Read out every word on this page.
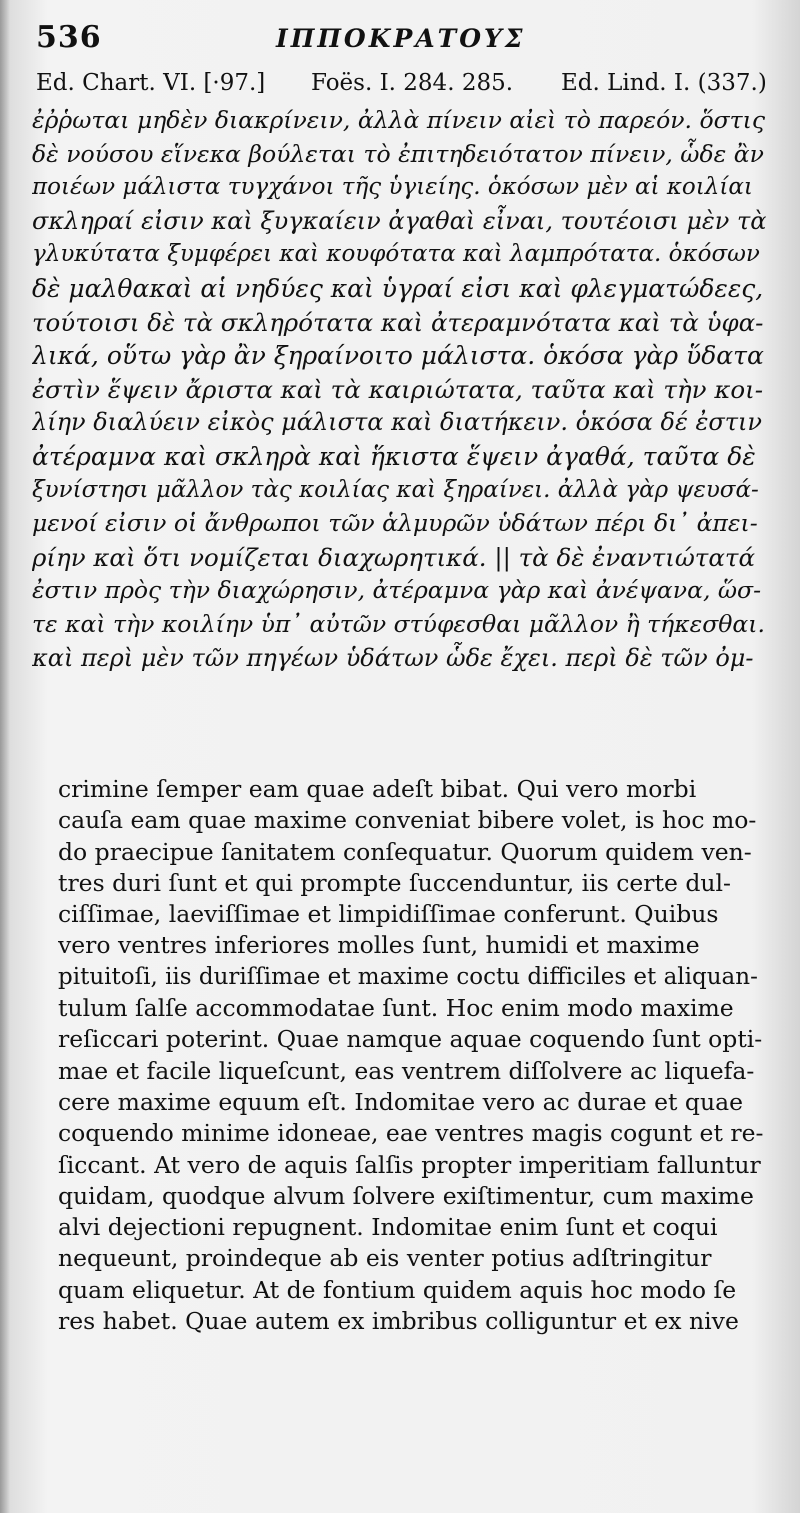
536	ΙΠΠΟΚΡΑΤΟΥΣ
Ed. Chart. VI. [·97.] Foës. I. 284. 285. Ed. Lind. I. (337.)
ἐῤῥωται μηδὲν διακρίνειν, ἀλλὰ πίνειν αἰεὶ τὸ παρεόν. ὅστις
δὲ νούσου εἵνεκα βούλεται τὸ ἐπιτηδειότατον πίνειν, ὧδε ἂν
ποιέων μάλιστα τυγχάνοι τῆς ὑγιείης. ὁκόσων μὲν αἱ κοιλίαι
σκληραί εἰσιν καὶ ξυγκαίειν ἀγαθαὶ εἶναι, τουτέοισι μὲν τὰ
γλυκύτατα ξυμφέρει καὶ κουφότατα καὶ λαμπρότατα. ὁκόσων
δὲ μαλθακαὶ αἱ νηδύες καὶ ὑγραί εἰσι καὶ φλεγματώδεες,
τούτοισι δὲ τὰ σκληρότατα καὶ ἀτεραμνότατα καὶ τὰ ὑφα-
λικά, οὕτω γὰρ ἂν ξηραίνοιτο μάλιστα. ὁκόσα γὰρ ὕδατα
ἐστὶν ἕψειν ἄριστα καὶ τὰ καιριώτατα, ταῦτα καὶ τὴν κοι-
λίην διαλύειν εἰκὸς μάλιστα καὶ διατήκειν. ὁκόσα δέ ἐστιν
ἀτέραμνα καὶ σκληρὰ καὶ ἥκιστα ἕψειν ἀγαθά, ταῦτα δὲ
ξυνίστησι μᾶλλον τὰς κοιλίας καὶ ξηραίνει. ἀλλὰ γὰρ ψευσά-
μενοί εἰσιν οἱ ἄνθρωποι τῶν ἁλμυρῶν ὑδάτων πέρι δι᾽ ἀπει-
ρίην καὶ ὅτι νομίζεται διαχωρητικά. || τὰ δὲ ἐναντιώτατά
ἐστιν πρὸς τὴν διαχώρησιν, ἀτέραμνα γὰρ καὶ ἀνέψανα, ὥσ-
τε καὶ τὴν κοιλίην ὑπ᾽ αὐτῶν στύφεσθαι μᾶλλον ἢ τήκεσθαι.
καὶ περὶ μὲν τῶν πηγέων ὑδάτων ὧδε ἔχει. περὶ δὲ τῶν ὀμ-
crimine ſemper eam quae adeſt bibat. Qui vero morbi
cauſa eam quae maxime conveniat bibere volet, is hoc mo-
do praecipue ſanitatem conſequatur. Quorum quidem ven-
tres duri ſunt et qui prompte ſuccenduntur, iis certe dul-
ciſſimae, laeviſſimae et limpidiſſimae conferunt. Quibus
vero ventres inferiores molles ſunt, humidi et maxime
pituitoſi, iis duriſſimae et maxime coctu difficiles et aliquan-
tulum ſalſe accommodatae ſunt. Hoc enim modo maxime
reſiccari poterint. Quae namque aquae coquendo ſunt opti-
mae et facile liqueſcunt, eas ventrem diſſolvere ac liquefa-
cere maxime equum eſt. Indomitae vero ac durae et quae
coquendo minime idoneae, eae ventres magis cogunt et re-
ſiccant. At vero de aquis ſalſis propter imperitiam falluntur
quidam, quodque alvum ſolvere exiſtimentur, cum maxime
alvi dejectioni repugnent. Indomitae enim ſunt et coqui
nequeunt, proindeque ab eis venter potius adſtringitur
quam eliquetur. At de fontium quidem aquis hoc modo ſe
res habet. Quae autem ex imbribus colliguntur et ex nive
